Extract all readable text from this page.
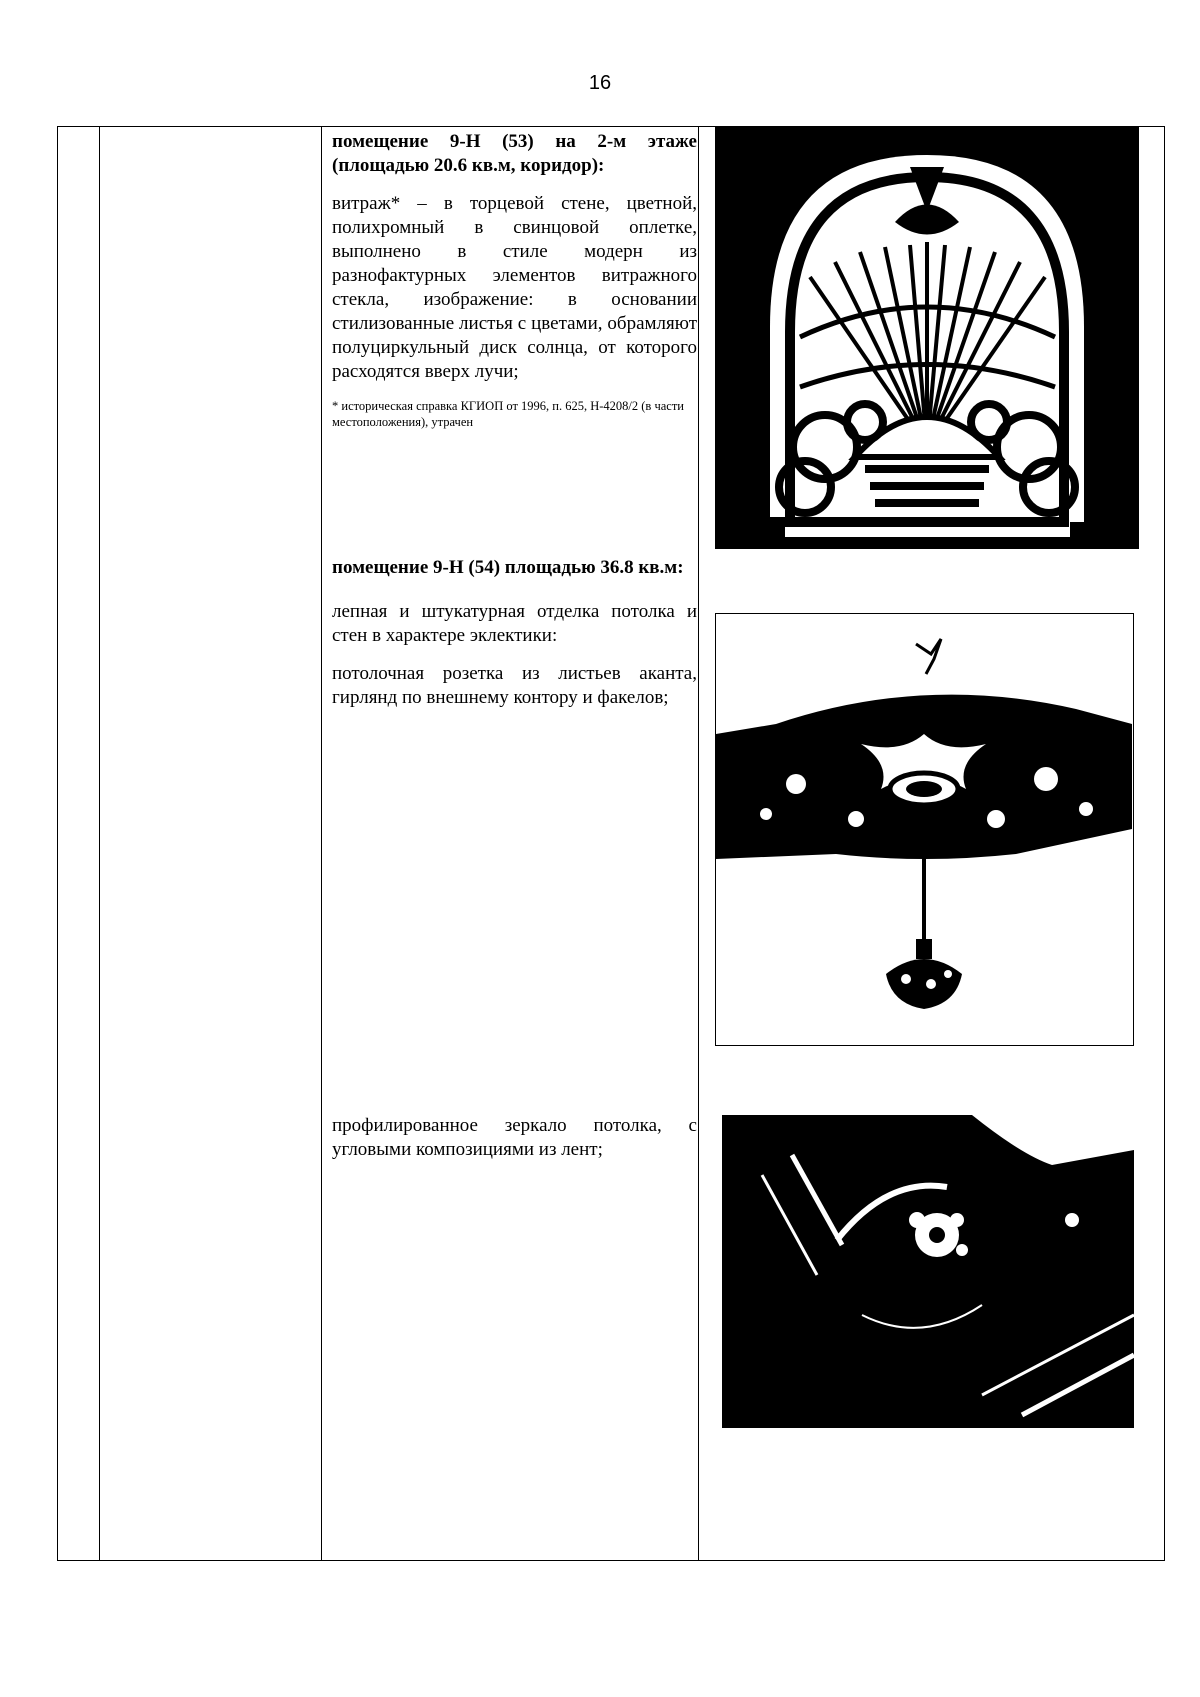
16

помещение 9-Н (53) на 2-м этаже (площадью 20.6 кв.м, коридор):

витраж* – в торцевой стене, цветной, полихромный в свинцовой оплетке, выполнено в стиле модерн из разнофактурных элементов витражного стекла, изображение: в основании стилизованные листья с цветами, обрамляют полуциркульный диск солнца, от которого расходятся вверх лучи;

* историческая справка КГИОП от 1996, п. 625, Н-4208/2 (в части местоположения), утрачен

помещение 9-Н (54) площадью 36.8 кв.м:

лепная и штукатурная отделка потолка и стен в характере эклектики:

потолочная розетка из листьев аканта, гирлянд по внешнему контору и факелов;

профилированное зеркало потолка, с угловыми композициями из лент;
